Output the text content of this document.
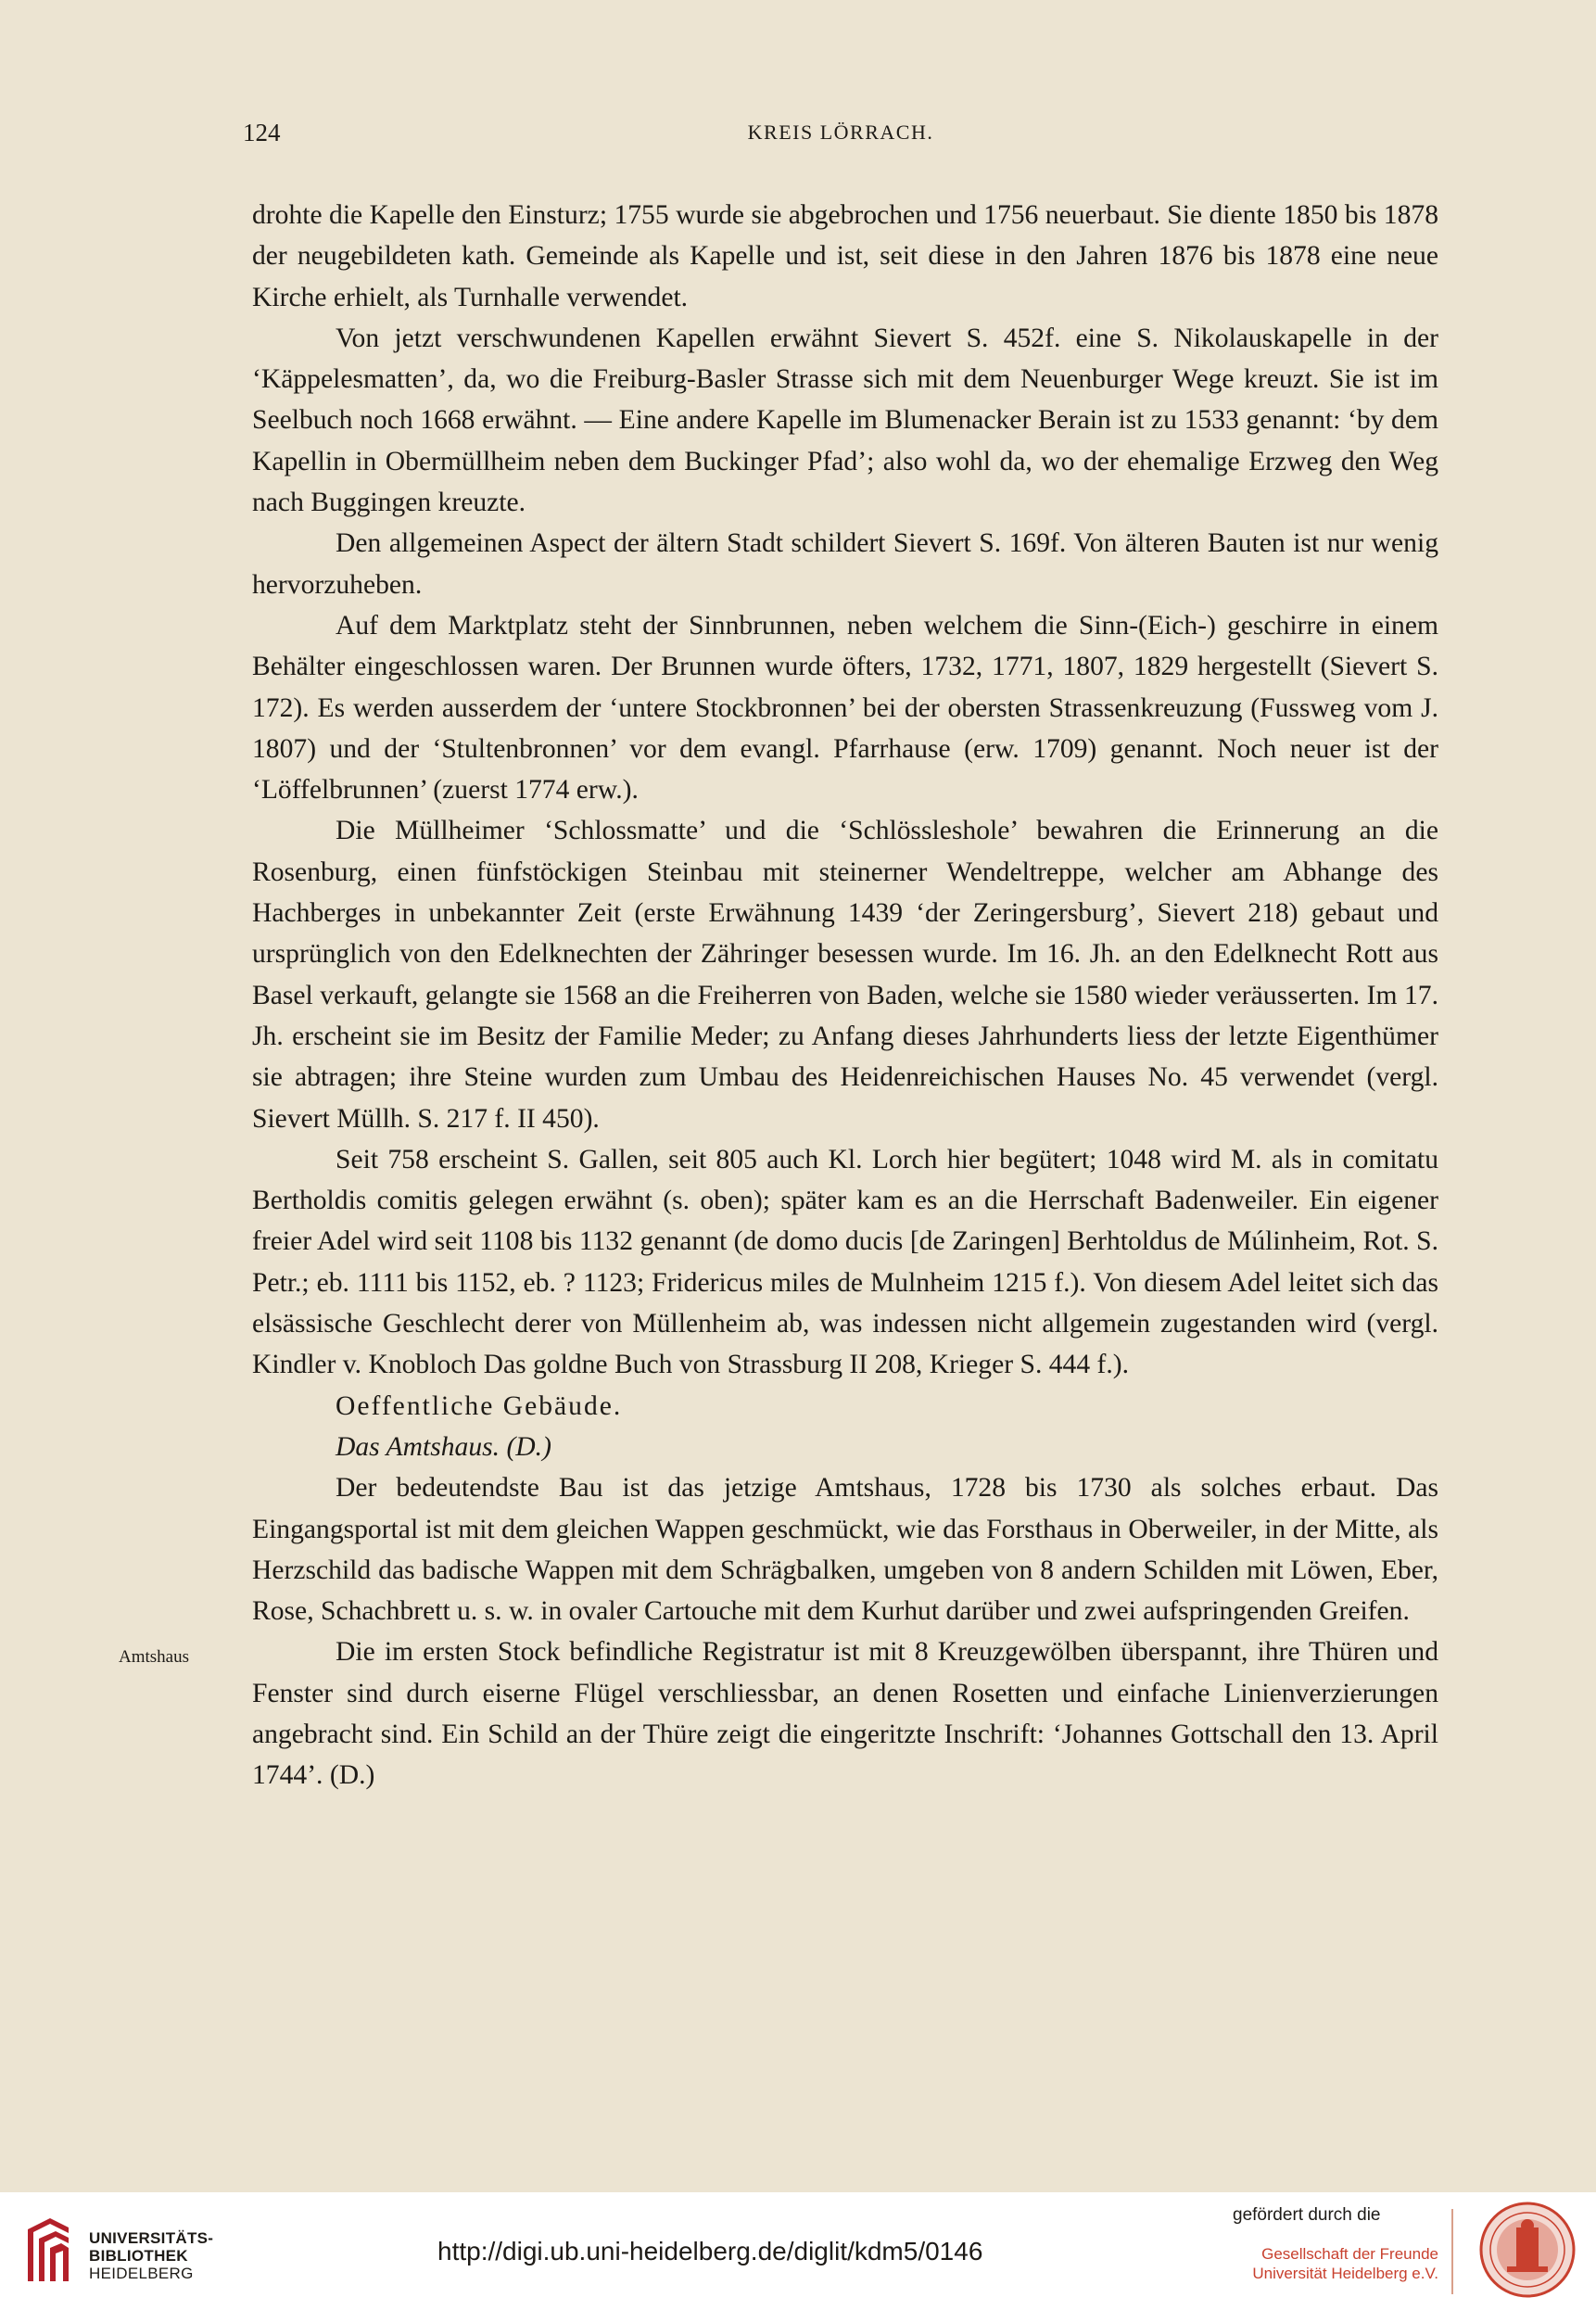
124	KREIS LÖRRACH.

drohte die Kapelle den Einsturz; 1755 wurde sie abgebrochen und 1756 neuerbaut. Sie diente 1850 bis 1878 der neugebildeten kath. Gemeinde als Kapelle und ist, seit diese in den Jahren 1876 bis 1878 eine neue Kirche erhielt, als Turnhalle verwendet.

Von jetzt verschwundenen Kapellen erwähnt Sievert S. 452f. eine S. Nikolauskapelle in der ‘Käppelesmatten’, da, wo die Freiburg-Basler Strasse sich mit dem Neuenburger Wege kreuzt. Sie ist im Seelbuch noch 1668 erwähnt. — Eine andere Kapelle im Blumenacker Berain ist zu 1533 genannt: ‘by dem Kapellin in Obermüllheim neben dem Buckinger Pfad’; also wohl da, wo der ehemalige Erzweg den Weg nach Buggingen kreuzte.

Den allgemeinen Aspect der ältern Stadt schildert Sievert S. 169f. Von älteren Bauten ist nur wenig hervorzuheben.

Auf dem Marktplatz steht der Sinnbrunnen, neben welchem die Sinn-(Eich-) geschirre in einem Behälter eingeschlossen waren. Der Brunnen wurde öfters, 1732, 1771, 1807, 1829 hergestellt (Sievert S. 172). Es werden ausserdem der ‘untere Stockbronnen’ bei der obersten Strassenkreuzung (Fussweg vom J. 1807) und der ‘Stultenbronnen’ vor dem evangl. Pfarrhause (erw. 1709) genannt. Noch neuer ist der ‘Löffelbrunnen’ (zuerst 1774 erw.).

Die Müllheimer ‘Schlossmatte’ und die ‘Schlössleshole’ bewahren die Erinnerung an die Rosenburg, einen fünfstöckigen Steinbau mit steinerner Wendeltreppe, welcher am Abhange des Hachberges in unbekannter Zeit (erste Erwähnung 1439 ‘der Zeringersburg’, Sievert 218) gebaut und ursprünglich von den Edelknechten der Zähringer besessen wurde. Im 16. Jh. an den Edelknecht Rott aus Basel verkauft, gelangte sie 1568 an die Freiherren von Baden, welche sie 1580 wieder veräusserten. Im 17. Jh. erscheint sie im Besitz der Familie Meder; zu Anfang dieses Jahrhunderts liess der letzte Eigenthümer sie abtragen; ihre Steine wurden zum Umbau des Heidenreichischen Hauses No. 45 verwendet (vergl. Sievert Müllh. S. 217 f. II 450).

Seit 758 erscheint S. Gallen, seit 805 auch Kl. Lorch hier begütert; 1048 wird M. als in comitatu Bertholdis comitis gelegen erwähnt (s. oben); später kam es an die Herrschaft Badenweiler. Ein eigener freier Adel wird seit 1108 bis 1132 genannt (de domo ducis [de Zaringen] Berhtoldus de Múlinheim, Rot. S. Petr.; eb. 1111 bis 1152, eb. ? 1123; Fridericus miles de Mulnheim 1215 f.). Von diesem Adel leitet sich das elsässische Geschlecht derer von Müllenheim ab, was indessen nicht allgemein zugestanden wird (vergl. Kindler v. Knobloch Das goldne Buch von Strassburg II 208, Krieger S. 444 f.).

Oeffentliche Gebäude.

Das Amtshaus. (D.)

Der bedeutendste Bau ist das jetzige Amtshaus, 1728 bis 1730 als solches erbaut. Das Eingangsportal ist mit dem gleichen Wappen geschmückt, wie das Forsthaus in Oberweiler, in der Mitte, als Herzschild das badische Wappen mit dem Schrägbalken, umgeben von 8 andern Schilden mit Löwen, Eber, Rose, Schachbrett u. s. w. in ovaler Cartouche mit dem Kurhut darüber und zwei aufspringenden Greifen.

Die im ersten Stock befindliche Registratur ist mit 8 Kreuzgewölben überspannt, ihre Thüren und Fenster sind durch eiserne Flügel verschliessbar, an denen Rosetten und einfache Linienverzierungen angebracht sind. Ein Schild an der Thüre zeigt die eingeritzte Inschrift: ‘Johannes Gottschall den 13. April 1744’. (D.)

Amtshaus
UNIVERSITÄTS-
BIBLIOTHEK
HEIDELBERG
http://digi.ub.uni-heidelberg.de/diglit/kdm5/0146
gefördert durch die
Gesellschaft der Freunde
Universität Heidelberg e.V.
